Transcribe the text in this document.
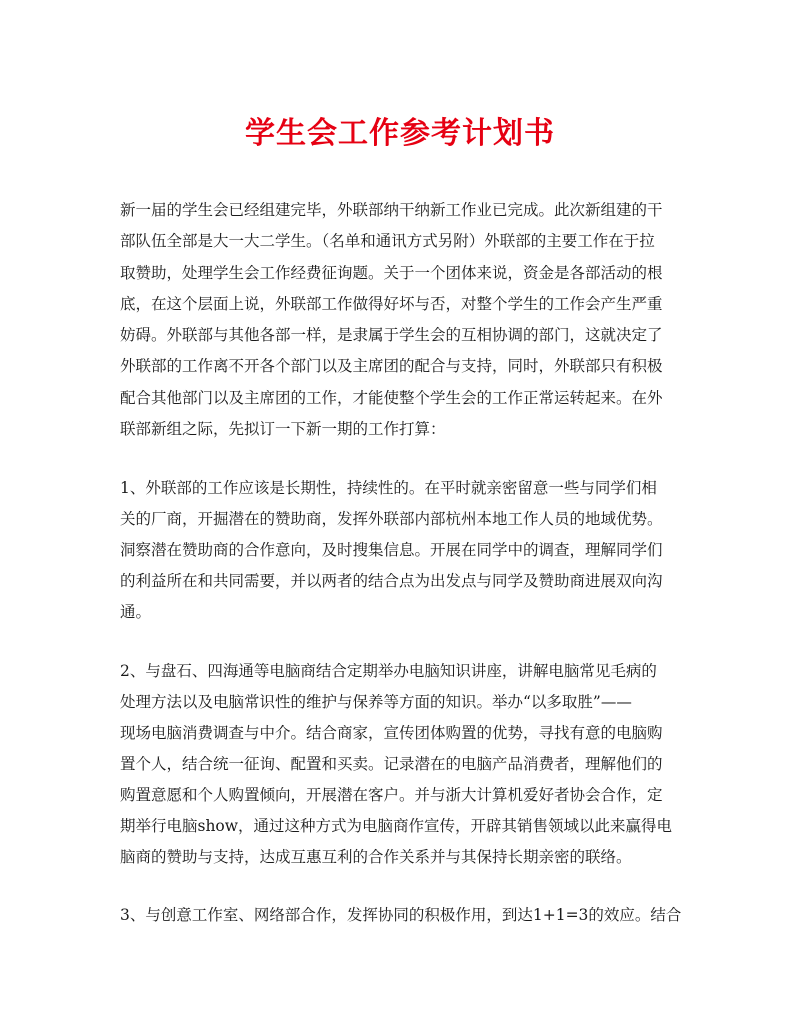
学生会工作参考计划书
新一届的学生会已经组建完毕，外联部纳干纳新工作业已完成。此次新组建的干
部队伍全部是大一大二学生。（名单和通讯方式另附）外联部的主要工作在于拉
取赞助，处理学生会工作经费征询题。关于一个团体来说，资金是各部活动的根
底，在这个层面上说，外联部工作做得好坏与否，对整个学生的工作会产生严重
妨碍。外联部与其他各部一样，是隶属于学生会的互相协调的部门，这就决定了
外联部的工作离不开各个部门以及主席团的配合与支持，同时，外联部只有积极
配合其他部门以及主席团的工作，才能使整个学生会的工作正常运转起来。在外
联部新组之际，先拟订一下新一期的工作打算：
1、外联部的工作应该是长期性，持续性的。在平时就亲密留意一些与同学们相
关的厂商，开掘潜在的赞助商，发挥外联部内部杭州本地工作人员的地域优势。
洞察潜在赞助商的合作意向，及时搜集信息。开展在同学中的调查，理解同学们
的利益所在和共同需要，并以两者的结合点为出发点与同学及赞助商进展双向沟
通。
2、与盘石、四海通等电脑商结合定期举办电脑知识讲座，讲解电脑常见毛病的
处理方法以及电脑常识性的维护与保养等方面的知识。举办“以多取胜”——
现场电脑消费调查与中介。结合商家，宣传团体购置的优势，寻找有意的电脑购
置个人，结合统一征询、配置和买卖。记录潜在的电脑产品消费者，理解他们的
购置意愿和个人购置倾向，开展潜在客户。并与浙大计算机爱好者协会合作，定
期举行电脑show，通过这种方式为电脑商作宣传，开辟其销售领域以此来赢得电
脑商的赞助与支持，达成互惠互利的合作关系并与其保持长期亲密的联络。
3、与创意工作室、网络部合作，发挥协同的积极作用，到达1+1=3的效应。结合
